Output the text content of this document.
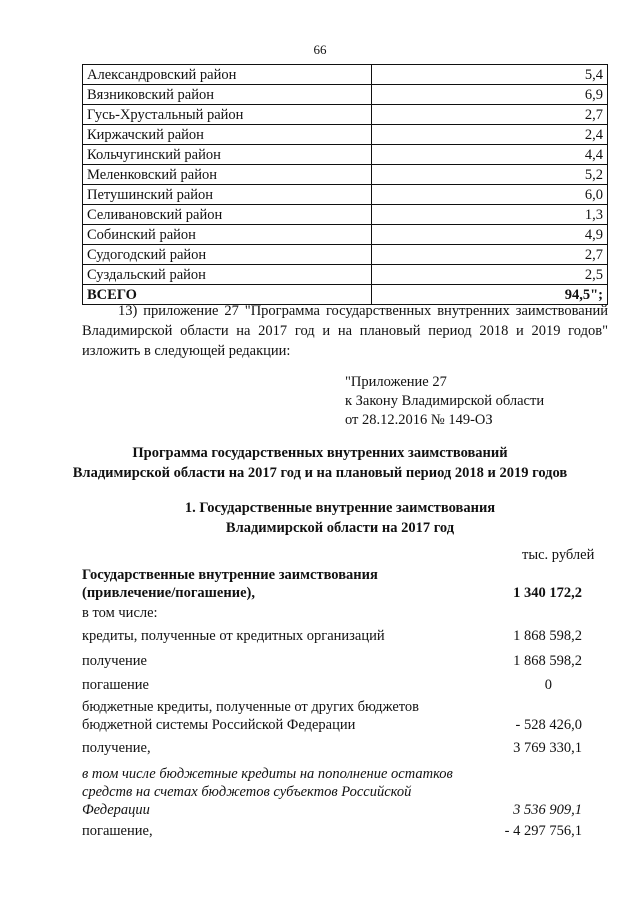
66
Александровский район	5,4
Вязниковский район	6,9
Гусь-Хрустальный район	2,7
Киржачский район	2,4
Кольчугинский район	4,4
Меленковский район	5,2
Петушинский район	6,0
Селивановский район	1,3
Собинский район	4,9
Судогодский район	2,7
Суздальский район	2,5
ВСЕГО	94,5";
13) приложение 27 "Программа государственных внутренних заимствований Владимирской области на 2017 год и на плановый период 2018 и 2019 годов" изложить в следующей редакции:
"Приложение 27
к Закону Владимирской области
от 28.12.2016 № 149-ОЗ
Программа государственных внутренних заимствований
Владимирской области на 2017 год и на плановый период 2018 и 2019 годов
1. Государственные внутренние заимствования
Владимирской области на 2017 год
тыс. рублей
Государственные внутренние заимствования
(привлечение/погашение),	1 340 172,2
в том числе:
кредиты, полученные от кредитных организаций	1 868 598,2
получение	1 868 598,2
погашение	0
бюджетные кредиты, полученные от других бюджетов
бюджетной системы Российской Федерации	- 528 426,0
получение,	3 769 330,1
в том числе бюджетные кредиты на пополнение остатков
средств на счетах бюджетов субъектов Российской
Федерации	3 536 909,1
погашение,	- 4 297 756,1
